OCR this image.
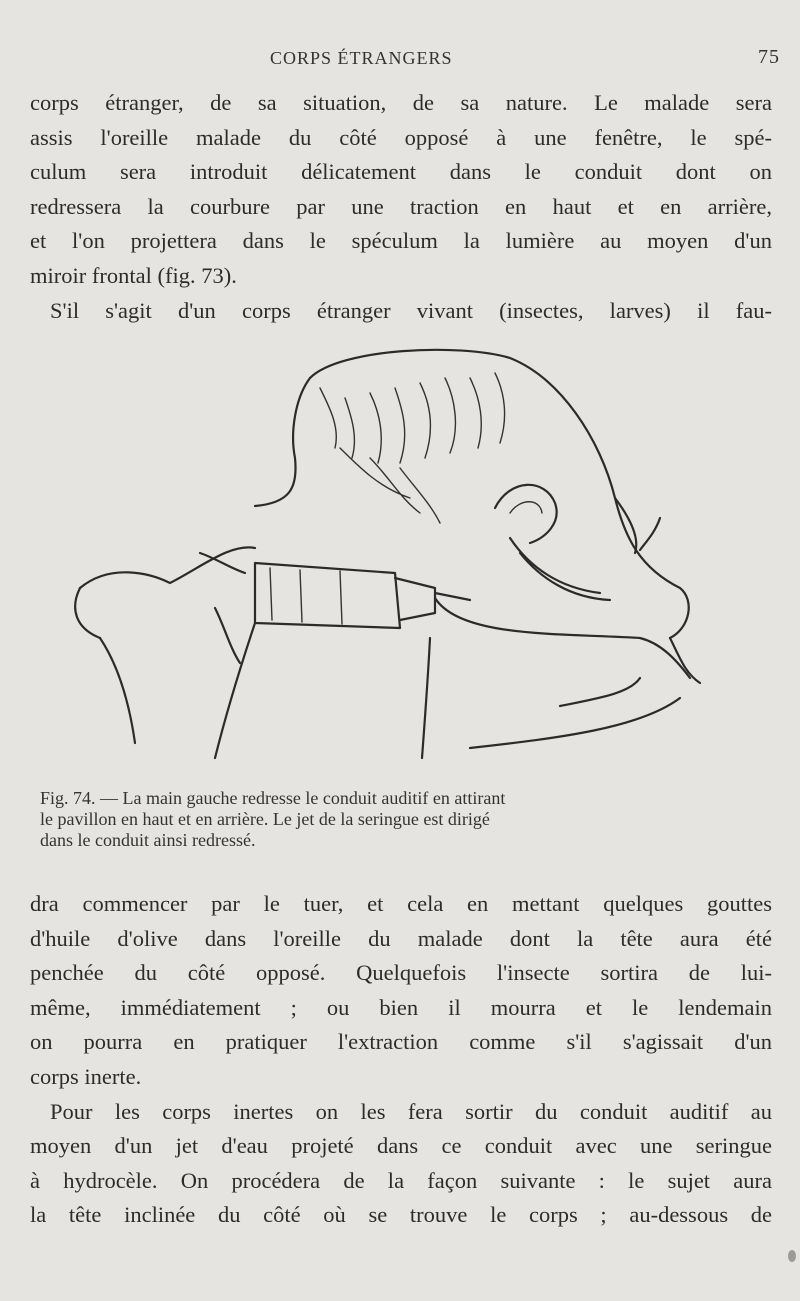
CORPS ÉTRANGERS	75
corps étranger, de sa situation, de sa nature. Le malade sera
assis l'oreille malade du côté opposé à une fenêtre, le spé-
culum sera introduit délicatement dans le conduit dont on
redressera la courbure par une traction en haut et en arrière,
et l'on projettera dans le spéculum la lumière au moyen d'un
miroir frontal (fig. 73).
S'il s'agit d'un corps étranger vivant (insectes, larves) il fau-
Fig. 74. — La main gauche redresse le conduit auditif en attirant
le pavillon en haut et en arrière. Le jet de la seringue est dirigé
dans le conduit ainsi redressé.
dra commencer par le tuer, et cela en mettant quelques gouttes
d'huile d'olive dans l'oreille du malade dont la tête aura été
penchée du côté opposé. Quelquefois l'insecte sortira de lui-
même, immédiatement ; ou bien il mourra et le lendemain
on pourra en pratiquer l'extraction comme s'il s'agissait d'un
corps inerte.
Pour les corps inertes on les fera sortir du conduit auditif au
moyen d'un jet d'eau projeté dans ce conduit avec une seringue
à hydrocèle. On procédera de la façon suivante : le sujet aura
la tête inclinée du côté où se trouve le corps ; au-dessous de
